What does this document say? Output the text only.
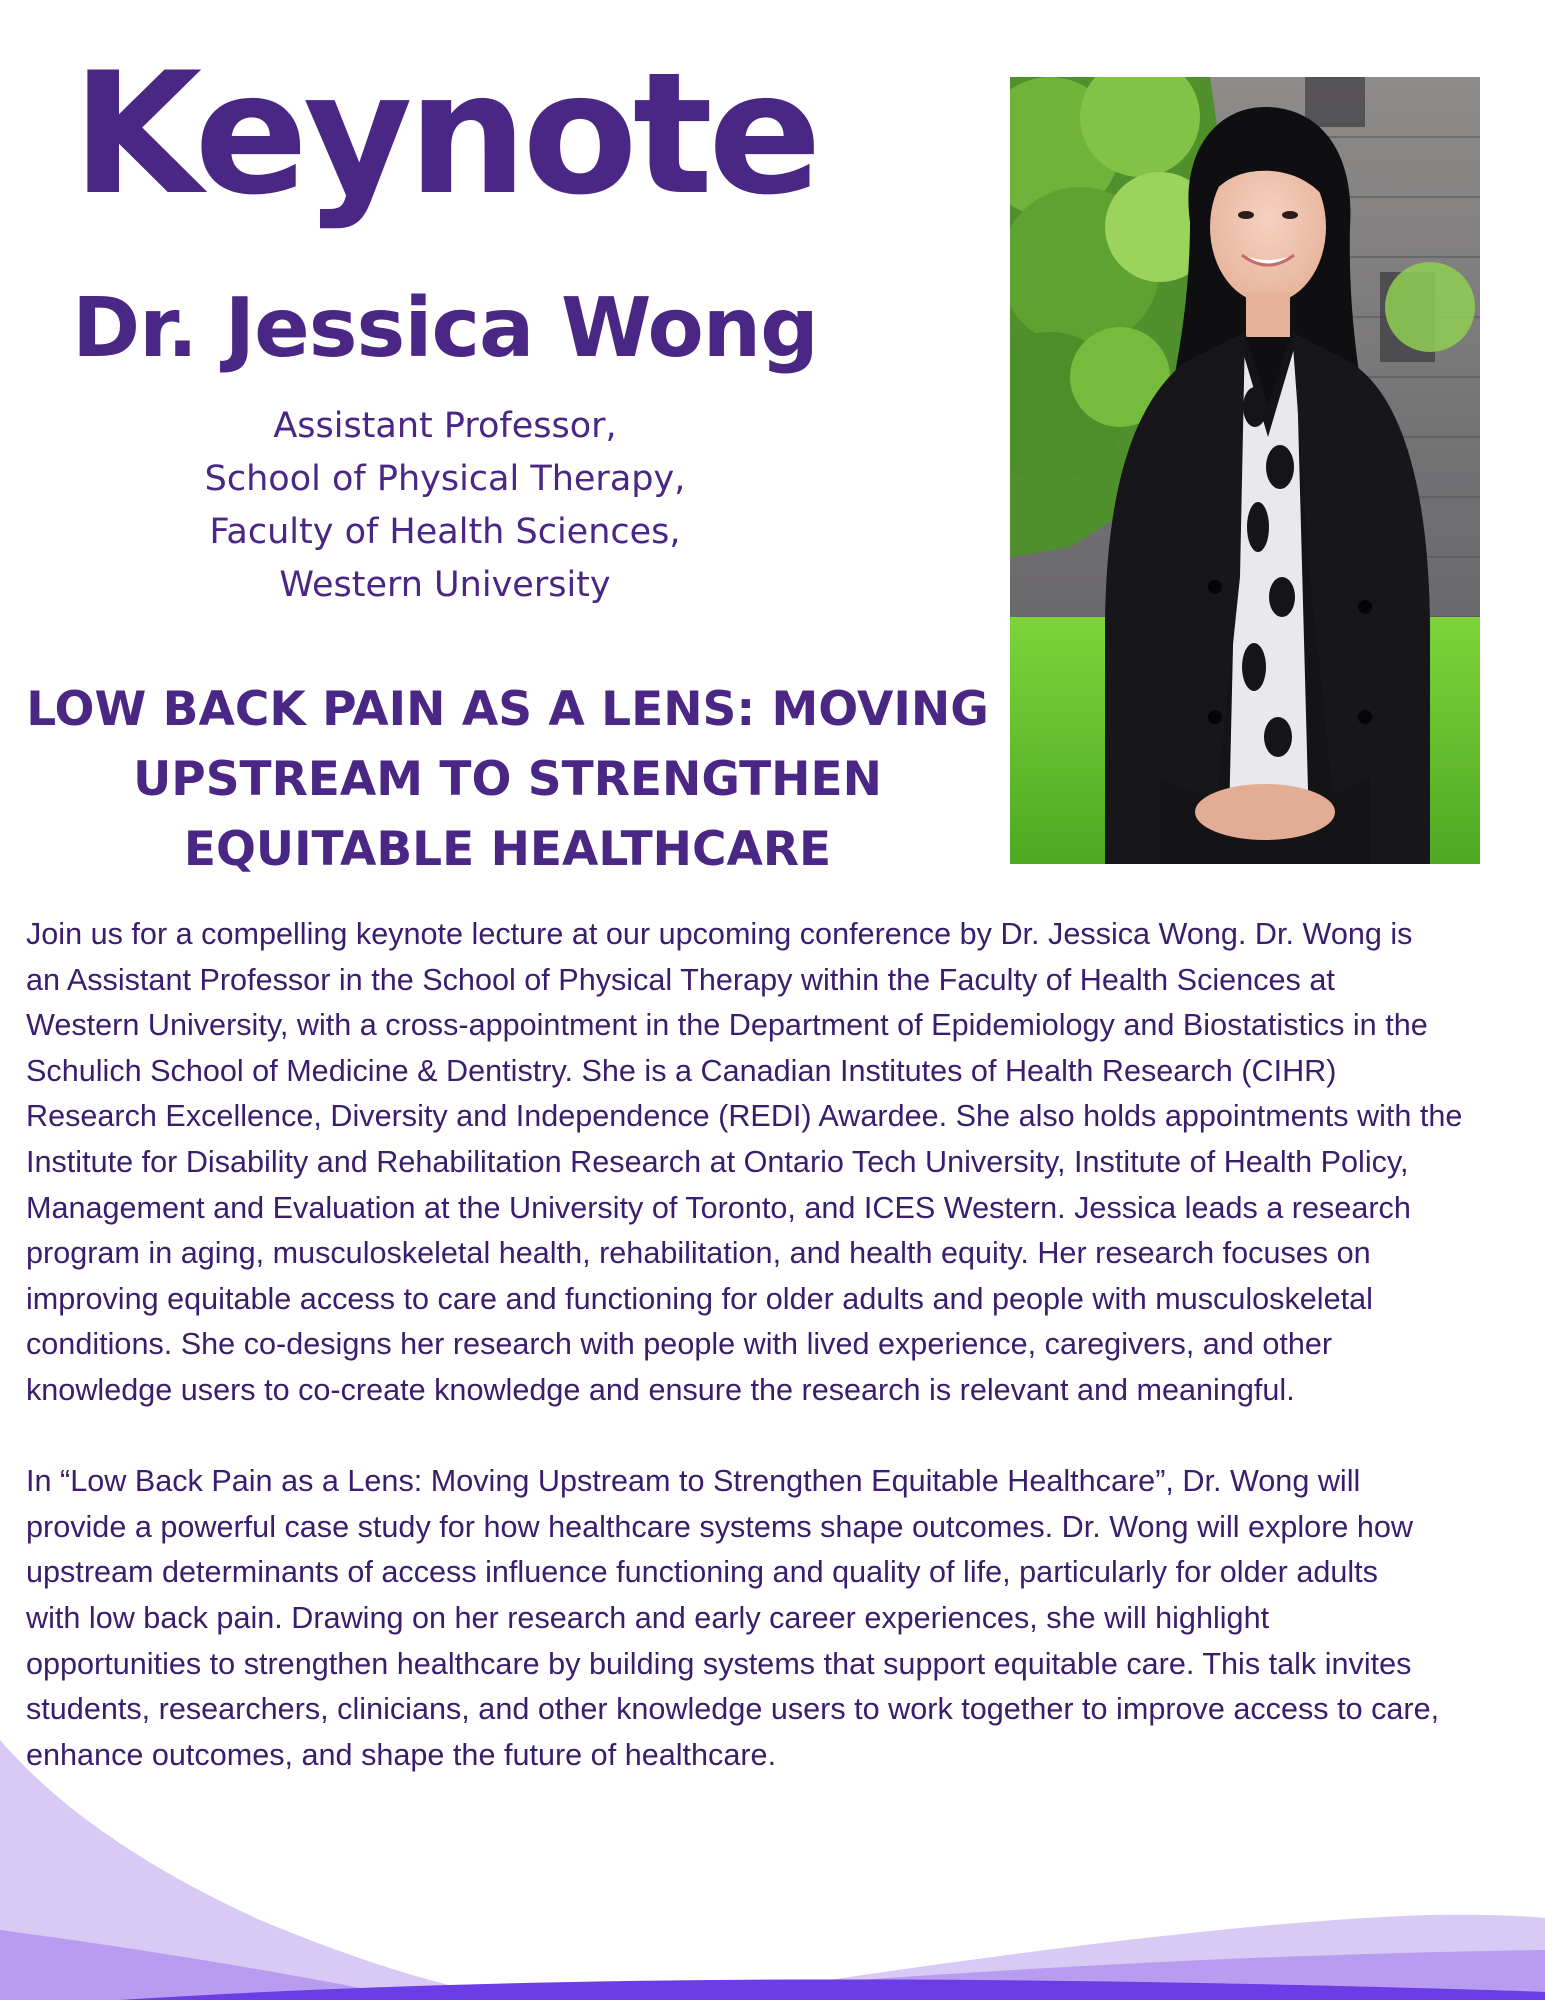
Keynote
Dr. Jessica Wong
Assistant Professor,
School of Physical Therapy,
Faculty of Health Sciences,
Western University
LOW BACK PAIN AS A LENS: MOVING
UPSTREAM TO STRENGTHEN
EQUITABLE HEALTHCARE

Join us for a compelling keynote lecture at our upcoming conference by Dr. Jessica Wong. Dr. Wong is
an Assistant Professor in the School of Physical Therapy within the Faculty of Health Sciences at
Western University, with a cross-appointment in the Department of Epidemiology and Biostatistics in the
Schulich School of Medicine & Dentistry. She is a Canadian Institutes of Health Research (CIHR)
Research Excellence, Diversity and Independence (REDI) Awardee. She also holds appointments with the
Institute for Disability and Rehabilitation Research at Ontario Tech University, Institute of Health Policy,
Management and Evaluation at the University of Toronto, and ICES Western. Jessica leads a research
program in aging, musculoskeletal health, rehabilitation, and health equity. Her research focuses on
improving equitable access to care and functioning for older adults and people with musculoskeletal
conditions. She co-designs her research with people with lived experience, caregivers, and other
knowledge users to co-create knowledge and ensure the research is relevant and meaningful.

In “Low Back Pain as a Lens: Moving Upstream to Strengthen Equitable Healthcare”, Dr. Wong will
provide a powerful case study for how healthcare systems shape outcomes. Dr. Wong will explore how
upstream determinants of access influence functioning and quality of life, particularly for older adults
with low back pain. Drawing on her research and early career experiences, she will highlight
opportunities to strengthen healthcare by building systems that support equitable care. This talk invites
students, researchers, clinicians, and other knowledge users to work together to improve access to care,
enhance outcomes, and shape the future of healthcare.
